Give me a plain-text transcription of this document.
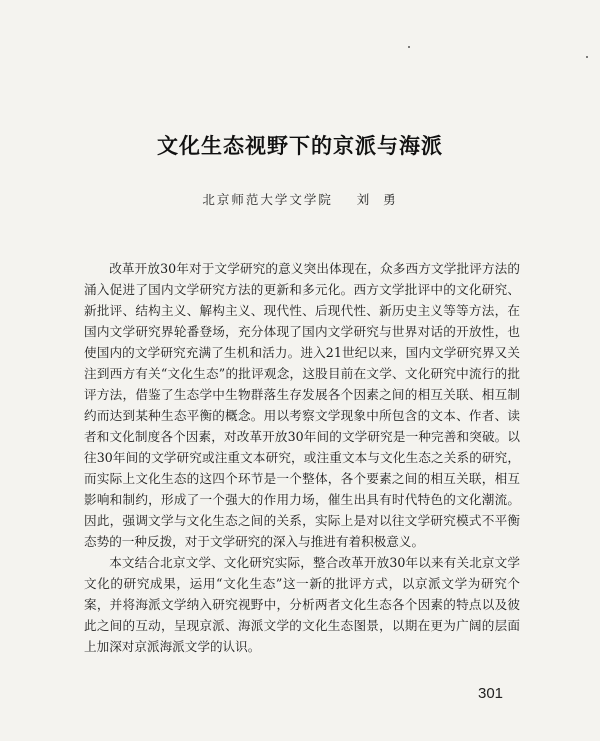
文化生态视野下的京派与海派
北京师范大学文学院    刘  勇

改革开放30年对于文学研究的意义突出体现在，众多西方文学批评方法的涌入促进了国内文学研究方法的更新和多元化。西方文学批评中的文化研究、新批评、结构主义、解构主义、现代性、后现代性、新历史主义等等方法，在国内文学研究界轮番登场，充分体现了国内文学研究与世界对话的开放性，也使国内的文学研究充满了生机和活力。进入21世纪以来，国内文学研究界又关注到西方有关“文化生态”的批评观念，这股目前在文学、文化研究中流行的批评方法，借鉴了生态学中生物群落生存发展各个因素之间的相互关联、相互制约而达到某种生态平衡的概念。用以考察文学现象中所包含的文本、作者、读者和文化制度各个因素，对改革开放30年间的文学研究是一种完善和突破。以往30年间的文学研究或注重文本研究，或注重文本与文化生态之关系的研究，而实际上文化生态的这四个环节是一个整体，各个要素之间的相互关联，相互影响和制约，形成了一个强大的作用力场，催生出具有时代特色的文化潮流。因此，强调文学与文化生态之间的关系，实际上是对以往文学研究模式不平衡态势的一种反拨，对于文学研究的深入与推进有着积极意义。

本文结合北京文学、文化研究实际，整合改革开放30年以来有关北京文学文化的研究成果，运用“文化生态”这一新的批评方式，以京派文学为研究个案，并将海派文学纳入研究视野中，分析两者文化生态各个因素的特点以及彼此之间的互动，呈现京派、海派文学的文化生态图景，以期在更为广阔的层面上加深对京派海派文学的认识。

301
